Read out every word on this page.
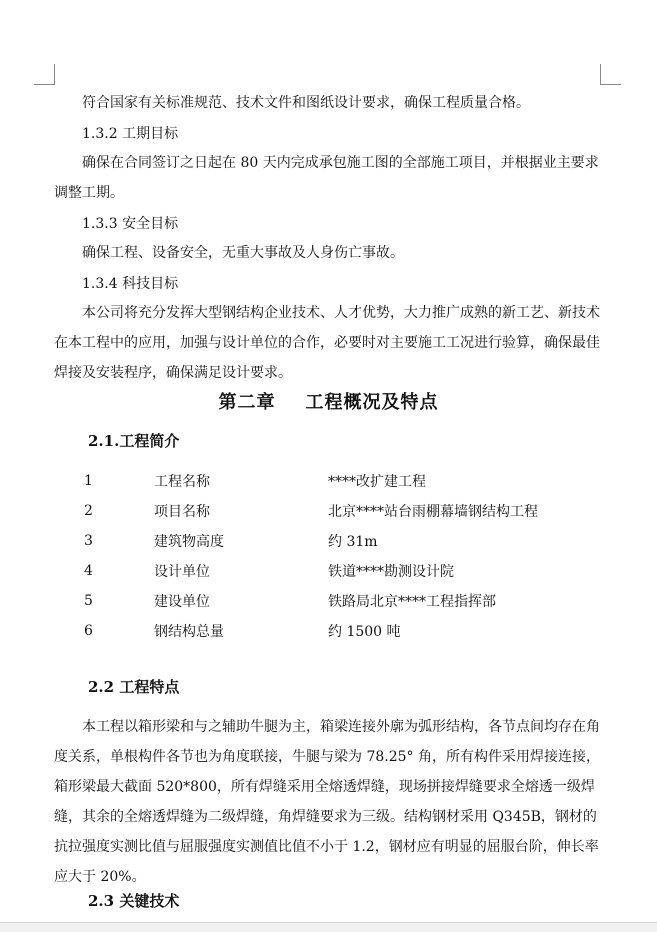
符合国家有关标准规范、技术文件和图纸设计要求，确保工程质量合格。

1.3.2 工期目标

确保在合同签订之日起在 80 天内完成承包施工图的全部施工项目，并根据业主要求调整工期。

1.3.3 安全目标

确保工程、设备安全，无重大事故及人身伤亡事故。

1.3.4 科技目标

本公司将充分发挥大型钢结构企业技术、人才优势，大力推广成熟的新工艺、新技术在本工程中的应用，加强与设计单位的合作，必要时对主要施工工况进行验算，确保最佳焊接及安装程序，确保满足设计要求。

第二章 工程概况及特点
2.1.工程简介
1	工程名称	****改扩建工程
2	项目名称	北京****站台雨棚幕墙钢结构工程
3	建筑物高度	约 31m
4	设计单位	铁道****勘测设计院
5	建设单位	铁路局北京****工程指挥部
6	钢结构总量	约 1500 吨
2.2 工程特点

本工程以箱形梁和与之辅助牛腿为主，箱梁连接外廓为弧形结构，各节点间均存在角度关系，单根构件各节也为角度联接，牛腿与梁为 78.25° 角，所有构件采用焊接连接，箱形梁最大截面 520*800，所有焊缝采用全熔透焊缝，现场拼接焊缝要求全熔透一级焊缝，其余的全熔透焊缝为二级焊缝，角焊缝要求为三级。结构钢材采用 Q345B，钢材的抗拉强度实测比值与屈服强度实测值比值不小于 1.2，钢材应有明显的屈服台阶，伸长率应大于 20%。

2.3 关键技术
